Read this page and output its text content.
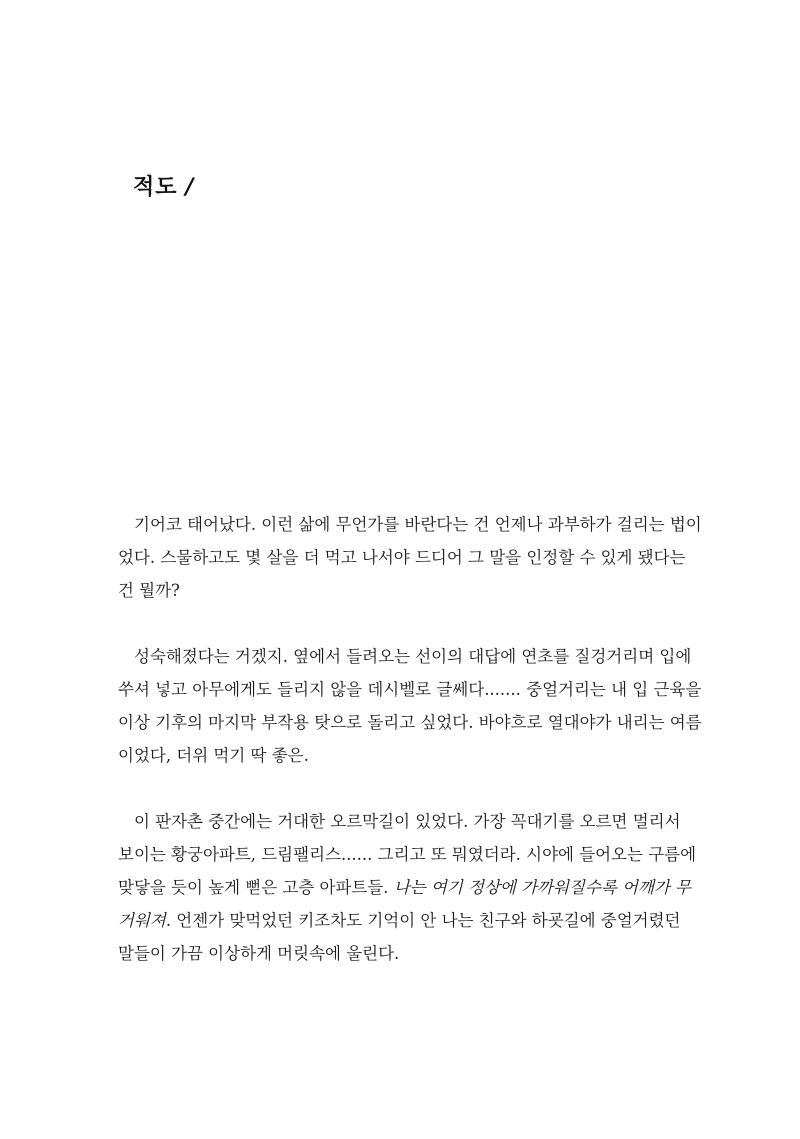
적도 /
기어코 태어났다. 이런 삶에 무언가를 바란다는 건 언제나 과부하가 걸리는 법이
었다. 스물하고도 몇 살을 더 먹고 나서야 드디어 그 말을 인정할 수 있게 됐다는
건 뭘까?
성숙해졌다는 거겠지. 옆에서 들려오는 선이의 대답에 연초를 질겅거리며 입에
쑤셔 넣고 아무에게도 들리지 않을 데시벨로 글쎄다....... 중얼거리는 내 입 근육을
이상 기후의 마지막 부작용 탓으로 돌리고 싶었다. 바야흐로 열대야가 내리는 여름
이었다, 더위 먹기 딱 좋은.
이 판자촌 중간에는 거대한 오르막길이 있었다. 가장 꼭대기를 오르면 멀리서
보이는 황궁아파트, 드림팰리스...... 그리고 또 뭐였더라. 시야에 들어오는 구름에
맞닿을 듯이 높게 뻗은 고층 아파트들. 나는 여기 정상에 가까워질수록 어깨가 무
거워져. 언젠가 맞먹었던 키조차도 기억이 안 나는 친구와 하굣길에 중얼거렸던
말들이 가끔 이상하게 머릿속에 울린다.
